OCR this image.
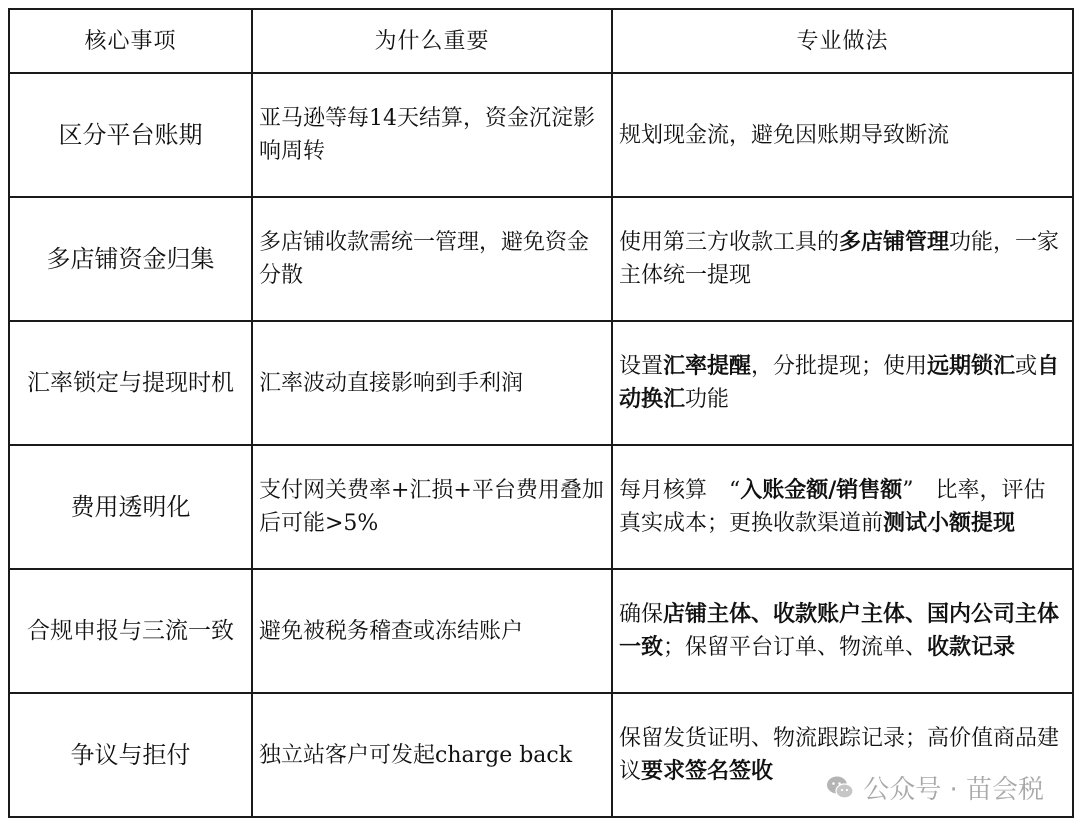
核心事项	为什么重要	专业做法
区分平台账期	亚马逊等每14天结算，资金沉淀影响周转	规划现金流，避免因账期导致断流
多店铺资金归集	多店铺收款需统一管理，避免资金分散	使用第三方收款工具的多店铺管理功能，一家主体统一提现
汇率锁定与提现时机	汇率波动直接影响到手利润	设置汇率提醒，分批提现；使用远期锁汇或自动换汇功能
费用透明化	支付网关费率+汇损+平台费用叠加后可能>5%	每月核算　“入账金额/销售额”　比率，评估真实成本；更换收款渠道前测试小额提现
合规申报与三流一致	避免被税务稽查或冻结账户	确保店铺主体、收款账户主体、国内公司主体一致；保留平台订单、物流单、收款记录
争议与拒付	独立站客户可发起charge back	保留发货证明、物流跟踪记录；高价值商品建议要求签名签收
公众号 · 苗会税
